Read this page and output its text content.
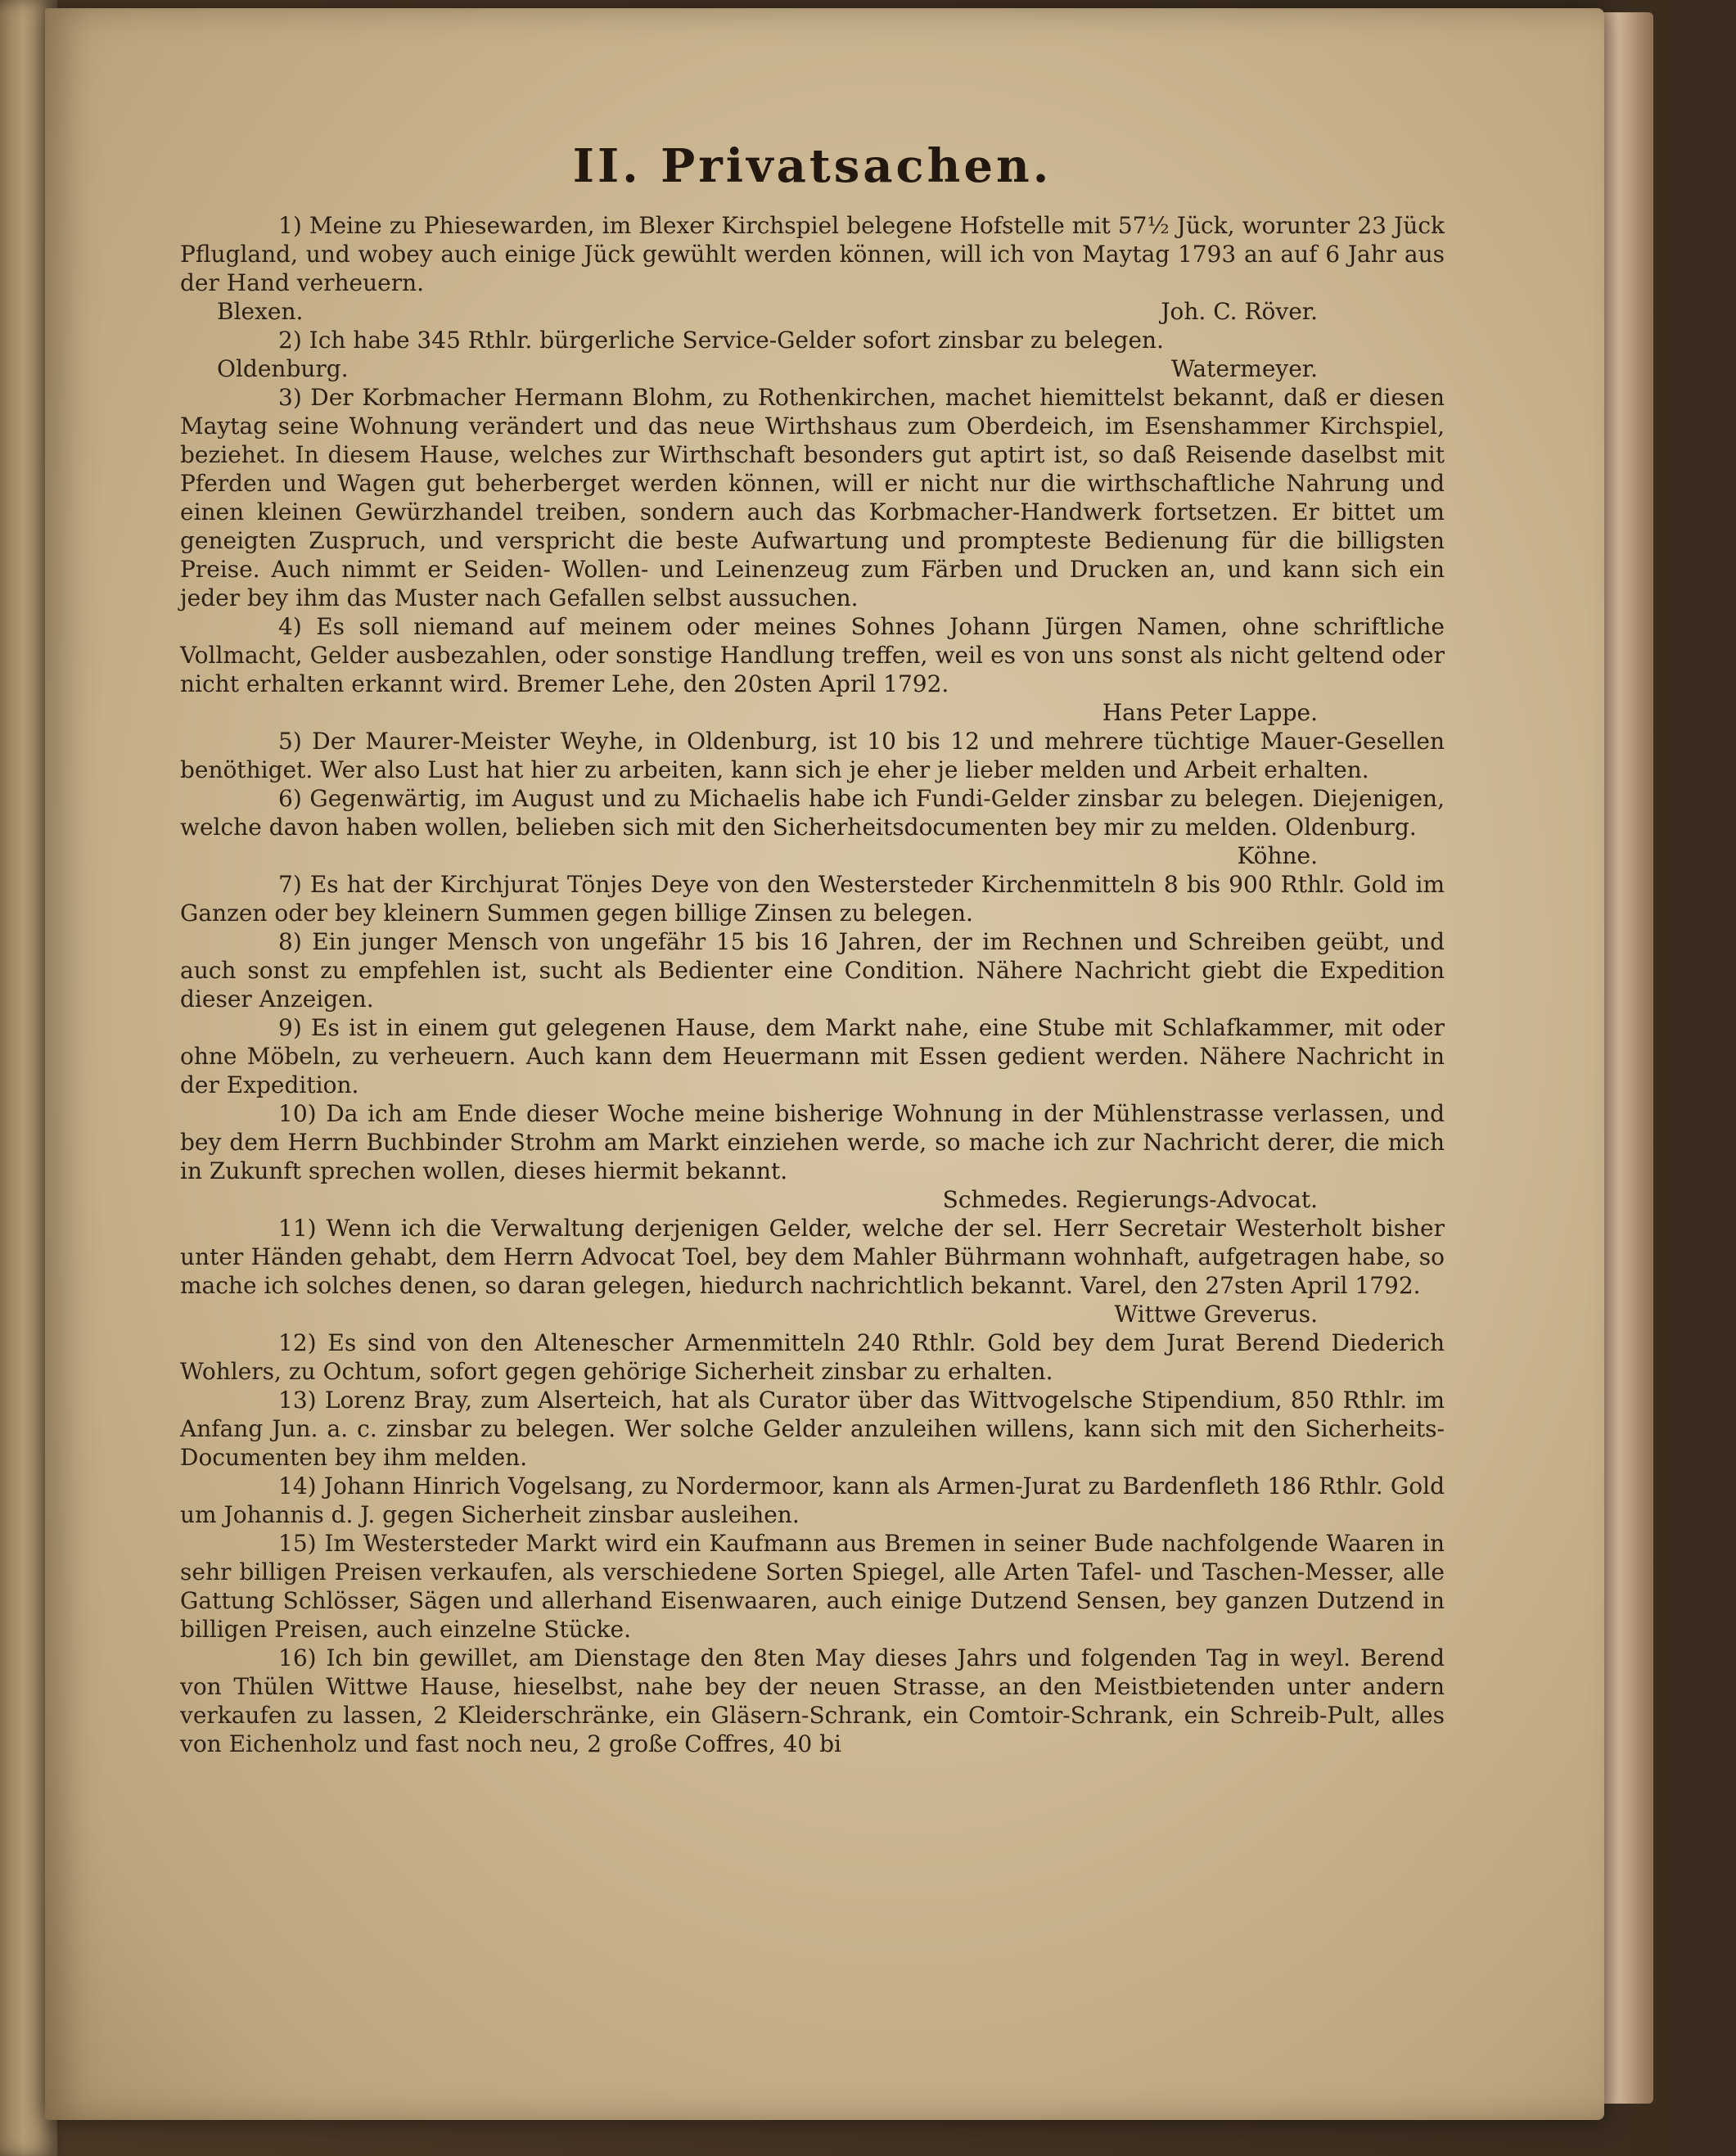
II. Privatsachen.

1) Meine zu Phiesewarden, im Blexer Kirchspiel belegene Hofstelle mit 57½ Jück, worunter 23 Jück Pflugland, und wobey auch einige Jück gewühlt werden können, will ich von Maytag 1793 an auf 6 Jahr aus der Hand verheuern.

Blexen.	Joh. C. Röver.

2) Ich habe 345 Rthlr. bürgerliche Service-Gelder sofort zinsbar zu belegen.

Oldenburg.	Watermeyer.

3) Der Korbmacher Hermann Blohm, zu Rothenkirchen, machet hiemittelst bekannt, daß er diesen Maytag seine Wohnung verändert und das neue Wirthshaus zum Oberdeich, im Esenshammer Kirchspiel, beziehet. In diesem Hause, welches zur Wirthschaft besonders gut aptirt ist, so daß Reisende daselbst mit Pferden und Wagen gut beherberget werden können, will er nicht nur die wirthschaftliche Nahrung und einen kleinen Gewürzhandel treiben, sondern auch das Korbmacher-Handwerk fortsetzen. Er bittet um geneigten Zuspruch, und verspricht die beste Aufwartung und prompteste Bedienung für die billigsten Preise. Auch nimmt er Seiden- Wollen- und Leinenzeug zum Färben und Drucken an, und kann sich ein jeder bey ihm das Muster nach Gefallen selbst aussuchen.

4) Es soll niemand auf meinem oder meines Sohnes Johann Jürgen Namen, ohne schriftliche Vollmacht, Gelder ausbezahlen, oder sonstige Handlung treffen, weil es von uns sonst als nicht geltend oder nicht erhalten erkannt wird. Bremer Lehe, den 20sten April 1792.

Hans Peter Lappe.

5) Der Maurer-Meister Weyhe, in Oldenburg, ist 10 bis 12 und mehrere tüchtige Mauer-Gesellen benöthiget. Wer also Lust hat hier zu arbeiten, kann sich je eher je lieber melden und Arbeit erhalten.

6) Gegenwärtig, im August und zu Michaelis habe ich Fundi-Gelder zinsbar zu belegen. Diejenigen, welche davon haben wollen, belieben sich mit den Sicherheitsdocumenten bey mir zu melden. Oldenburg.

Köhne.

7) Es hat der Kirchjurat Tönjes Deye von den Westersteder Kirchenmitteln 8 bis 900 Rthlr. Gold im Ganzen oder bey kleinern Summen gegen billige Zinsen zu belegen.

8) Ein junger Mensch von ungefähr 15 bis 16 Jahren, der im Rechnen und Schreiben geübt, und auch sonst zu empfehlen ist, sucht als Bedienter eine Condition. Nähere Nachricht giebt die Expedition dieser Anzeigen.

9) Es ist in einem gut gelegenen Hause, dem Markt nahe, eine Stube mit Schlafkammer, mit oder ohne Möbeln, zu verheuern. Auch kann dem Heuermann mit Essen gedient werden. Nähere Nachricht in der Expedition.

10) Da ich am Ende dieser Woche meine bisherige Wohnung in der Mühlenstrasse verlassen, und bey dem Herrn Buchbinder Strohm am Markt einziehen werde, so mache ich zur Nachricht derer, die mich in Zukunft sprechen wollen, dieses hiermit bekannt.

Schmedes. Regierungs-Advocat.

11) Wenn ich die Verwaltung derjenigen Gelder, welche der sel. Herr Secretair Westerholt bisher unter Händen gehabt, dem Herrn Advocat Toel, bey dem Mahler Bührmann wohnhaft, aufgetragen habe, so mache ich solches denen, so daran gelegen, hiedurch nachrichtlich bekannt. Varel, den 27sten April 1792.

Wittwe Greverus.

12) Es sind von den Altenescher Armenmitteln 240 Rthlr. Gold bey dem Jurat Berend Diederich Wohlers, zu Ochtum, sofort gegen gehörige Sicherheit zinsbar zu erhalten.

13) Lorenz Bray, zum Alserteich, hat als Curator über das Wittvogelsche Stipendium, 850 Rthlr. im Anfang Jun. a. c. zinsbar zu belegen. Wer solche Gelder anzuleihen willens, kann sich mit den Sicherheits-Documenten bey ihm melden.

14) Johann Hinrich Vogelsang, zu Nordermoor, kann als Armen-Jurat zu Bardenfleth 186 Rthlr. Gold um Johannis d. J. gegen Sicherheit zinsbar ausleihen.

15) Im Westersteder Markt wird ein Kaufmann aus Bremen in seiner Bude nachfolgende Waaren in sehr billigen Preisen verkaufen, als verschiedene Sorten Spiegel, alle Arten Tafel- und Taschen-Messer, alle Gattung Schlösser, Sägen und allerhand Eisenwaaren, auch einige Dutzend Sensen, bey ganzen Dutzend in billigen Preisen, auch einzelne Stücke.

16) Ich bin gewillet, am Dienstage den 8ten May dieses Jahrs und folgenden Tag in weyl. Berend von Thülen Wittwe Hause, hieselbst, nahe bey der neuen Strasse, an den Meistbietenden unter andern verkaufen zu lassen, 2 Kleiderschränke, ein Gläsern-Schrank, ein Comtoir-Schrank, ein Schreib-Pult, alles von Eichenholz und fast noch neu, 2 große Coffres, 40 bi
